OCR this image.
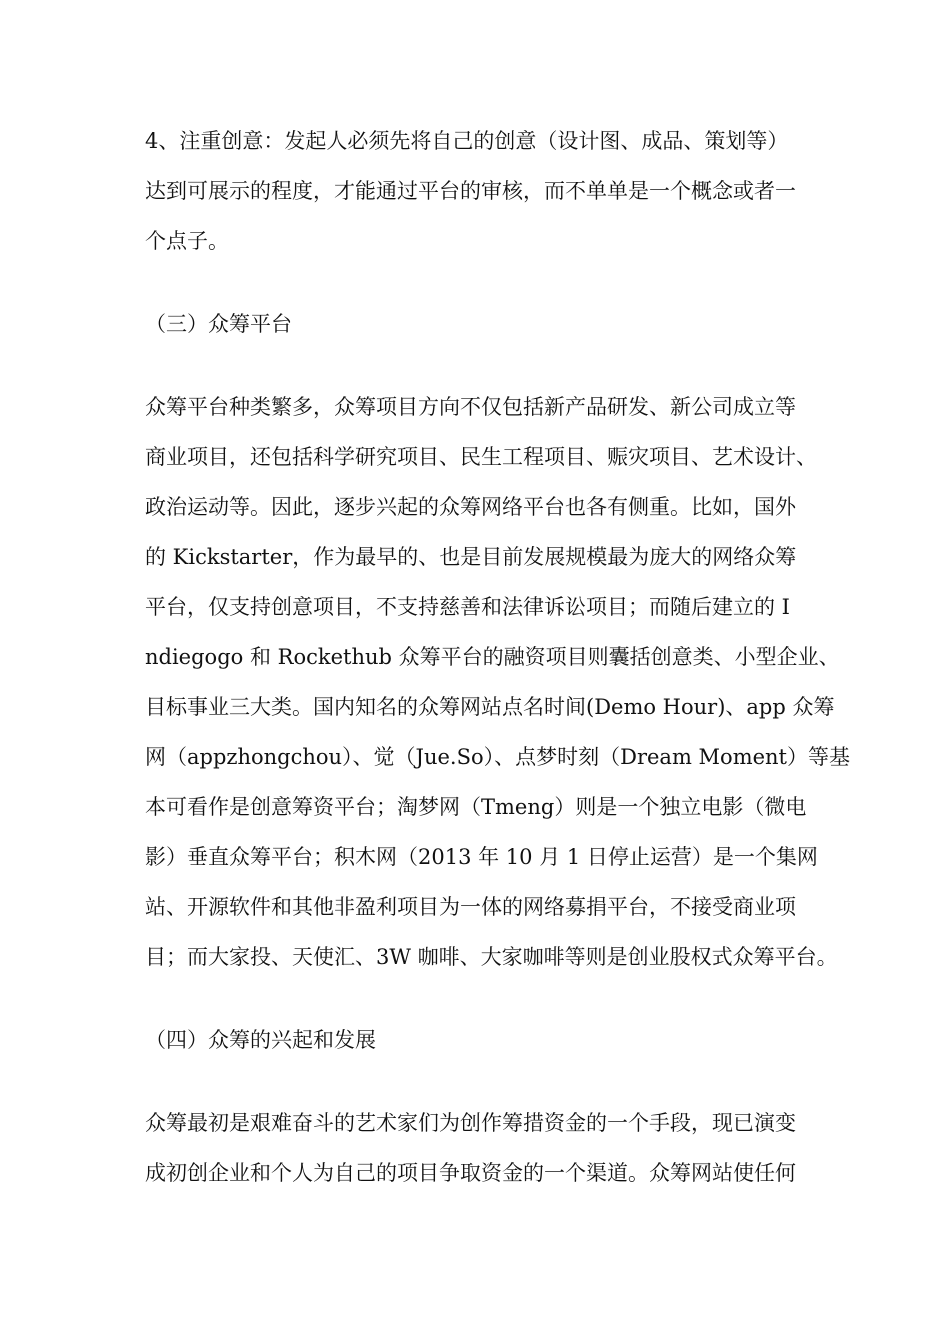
4、注重创意：发起人必须先将自己的创意（设计图、成品、策划等）
达到可展示的程度，才能通过平台的审核，而不单单是一个概念或者一
个点子。
（三）众筹平台
众筹平台种类繁多，众筹项目方向不仅包括新产品研发、新公司成立等
商业项目，还包括科学研究项目、民生工程项目、赈灾项目、艺术设计、
政治运动等。因此，逐步兴起的众筹网络平台也各有侧重。比如，国外
的 Kickstarter，作为最早的、也是目前发展规模最为庞大的网络众筹
平台，仅支持创意项目，不支持慈善和法律诉讼项目；而随后建立的 I
ndiegogo 和 Rockethub 众筹平台的融资项目则囊括创意类、小型企业、
目标事业三大类。国内知名的众筹网站点名时间(Demo Hour)、app 众筹
网（appzhongchou）、觉（Jue.So）、点梦时刻（Dream Moment）等基
本可看作是创意筹资平台；淘梦网（Tmeng）则是一个独立电影（微电
影）垂直众筹平台；积木网（2013 年 10 月 1 日停止运营）是一个集网
站、开源软件和其他非盈利项目为一体的网络募捐平台，不接受商业项
目；而大家投、天使汇、3W 咖啡、大家咖啡等则是创业股权式众筹平台。
（四）众筹的兴起和发展
众筹最初是艰难奋斗的艺术家们为创作筹措资金的一个手段，现已演变
成初创企业和个人为自己的项目争取资金的一个渠道。众筹网站使任何
